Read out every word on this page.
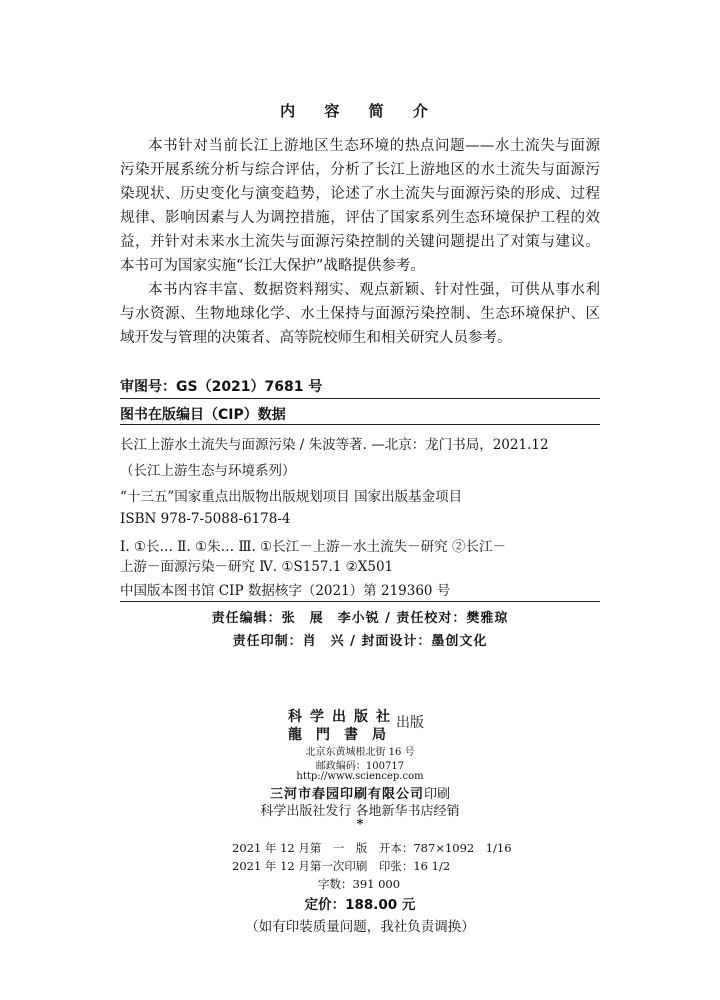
内 容 简 介
本书针对当前长江上游地区生态环境的热点问题——水土流失与面源
污染开展系统分析与综合评估，分析了长江上游地区的水土流失与面源污
染现状、历史变化与演变趋势，论述了水土流失与面源污染的形成、过程
规律、影响因素与人为调控措施，评估了国家系列生态环境保护工程的效
益，并针对未来水土流失与面源污染控制的关键问题提出了对策与建议。
本书可为国家实施“长江大保护”战略提供参考。
本书内容丰富、数据资料翔实、观点新颖、针对性强，可供从事水利
与水资源、生物地球化学、水土保持与面源污染控制、生态环境保护、区
域开发与管理的决策者、高等院校师生和相关研究人员参考。
审图号：GS（2021）7681 号
图书在版编目（CIP）数据
长江上游水土流失与面源污染 / 朱波等著. —北京：龙门书局，2021.12
（长江上游生态与环境系列）
“十三五”国家重点出版物出版规划项目 国家出版基金项目
ISBN 978-7-5088-6178-4
Ⅰ. ①长… Ⅱ. ①朱… Ⅲ. ①长江－上游－水土流失－研究 ②长江－
上游－面源污染－研究 Ⅳ. ①S157.1 ②X501
中国版本图书馆 CIP 数据核字（2021）第 219360 号
责任编辑：张　展　李小锐 / 责任校对：樊雅琼
责任印制：肖　兴 / 封面设计：墨创文化
科学出版社
龍門書局
出版
北京东黄城根北街 16 号
邮政编码：100717
http://www.sciencep.com
三河市春园印刷有限公司印刷
科学出版社发行 各地新华书店经销
*
2021 年 12 月第　一　版　开本：787×1092　1/16
2021 年 12 月第一次印刷　印张：16 1/2
字数：391 000
定价：188.00 元
（如有印装质量问题，我社负责调换）
